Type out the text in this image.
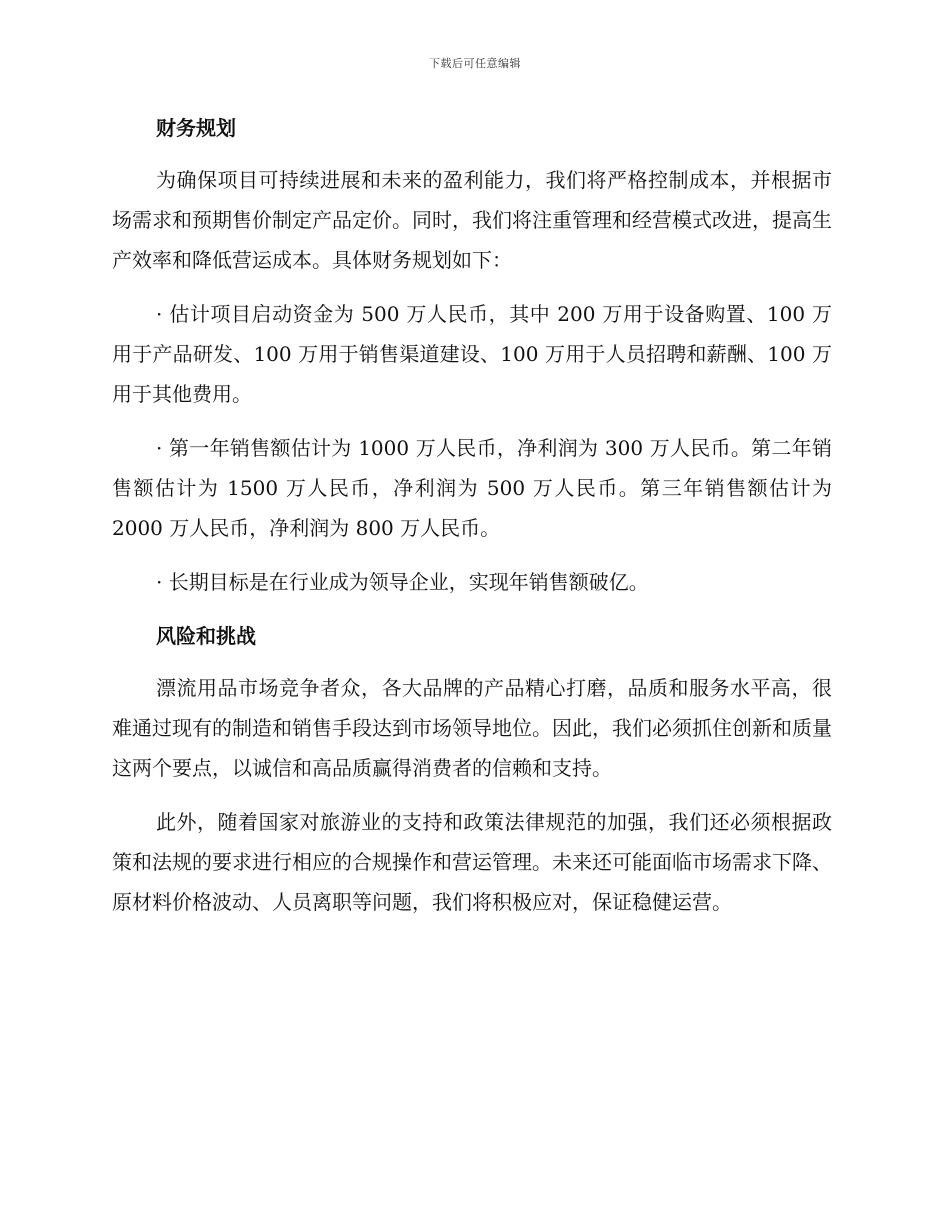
下载后可任意编辑
财务规划

为确保项目可持续进展和未来的盈利能力，我们将严格控制成本，并根据市场需求和预期售价制定产品定价。同时，我们将注重管理和经营模式改进，提高生产效率和降低营运成本。具体财务规划如下：

· 估计项目启动资金为 500 万人民币，其中 200 万用于设备购置、100 万用于产品研发、100 万用于销售渠道建设、100 万用于人员招聘和薪酬、100 万用于其他费用。

· 第一年销售额估计为 1000 万人民币，净利润为 300 万人民币。第二年销售额估计为 1500 万人民币，净利润为 500 万人民币。第三年销售额估计为 2000 万人民币，净利润为 800 万人民币。

· 长期目标是在行业成为领导企业，实现年销售额破亿。

风险和挑战

漂流用品市场竞争者众，各大品牌的产品精心打磨，品质和服务水平高，很难通过现有的制造和销售手段达到市场领导地位。因此，我们必须抓住创新和质量这两个要点，以诚信和高品质赢得消费者的信赖和支持。

此外，随着国家对旅游业的支持和政策法律规范的加强，我们还必须根据政策和法规的要求进行相应的合规操作和营运管理。未来还可能面临市场需求下降、原材料价格波动、人员离职等问题，我们将积极应对，保证稳健运营。
